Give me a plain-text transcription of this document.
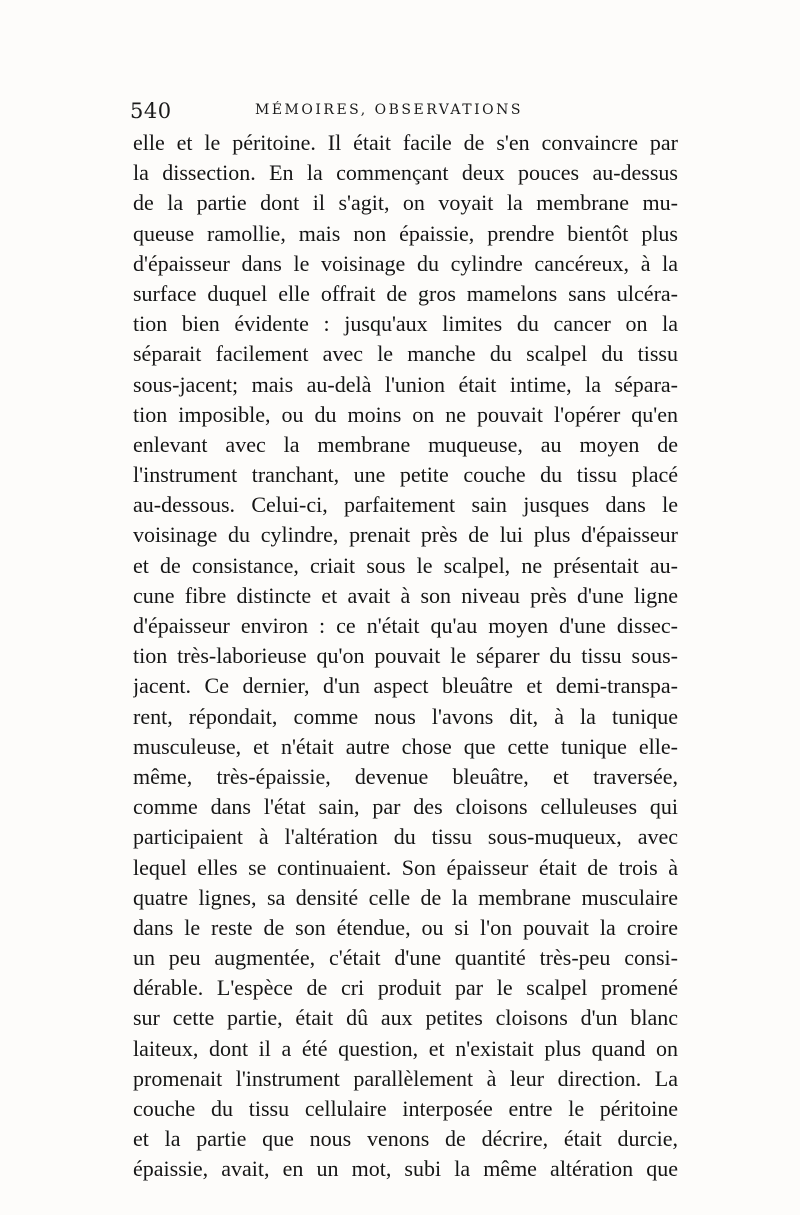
540	MÉMOIRES, OBSERVATIONS
elle et le péritoine. Il était facile de s'en convaincre par
la dissection. En la commençant deux pouces au-dessus
de la partie dont il s'agit, on voyait la membrane mu-
queuse ramollie, mais non épaissie, prendre bientôt plus
d'épaisseur dans le voisinage du cylindre cancéreux, à la
surface duquel elle offrait de gros mamelons sans ulcéra-
tion bien évidente : jusqu'aux limites du cancer on la
séparait facilement avec le manche du scalpel du tissu
sous-jacent; mais au-delà l'union était intime, la sépara-
tion imposible, ou du moins on ne pouvait l'opérer qu'en
enlevant avec la membrane muqueuse, au moyen de
l'instrument tranchant, une petite couche du tissu placé
au-dessous. Celui-ci, parfaitement sain jusques dans le
voisinage du cylindre, prenait près de lui plus d'épaisseur
et de consistance, criait sous le scalpel, ne présentait au-
cune fibre distincte et avait à son niveau près d'une ligne
d'épaisseur environ : ce n'était qu'au moyen d'une dissec-
tion très-laborieuse qu'on pouvait le séparer du tissu sous-
jacent. Ce dernier, d'un aspect bleuâtre et demi-transpa-
rent, répondait, comme nous l'avons dit, à la tunique
musculeuse, et n'était autre chose que cette tunique elle-
même, très-épaissie, devenue bleuâtre, et traversée,
comme dans l'état sain, par des cloisons celluleuses qui
participaient à l'altération du tissu sous-muqueux, avec
lequel elles se continuaient. Son épaisseur était de trois à
quatre lignes, sa densité celle de la membrane musculaire
dans le reste de son étendue, ou si l'on pouvait la croire
un peu augmentée, c'était d'une quantité très-peu consi-
dérable. L'espèce de cri produit par le scalpel promené
sur cette partie, était dû aux petites cloisons d'un blanc
laiteux, dont il a été question, et n'existait plus quand on
promenait l'instrument parallèlement à leur direction. La
couche du tissu cellulaire interposée entre le péritoine
et la partie que nous venons de décrire, était durcie,
épaissie, avait, en un mot, subi la même altération que
